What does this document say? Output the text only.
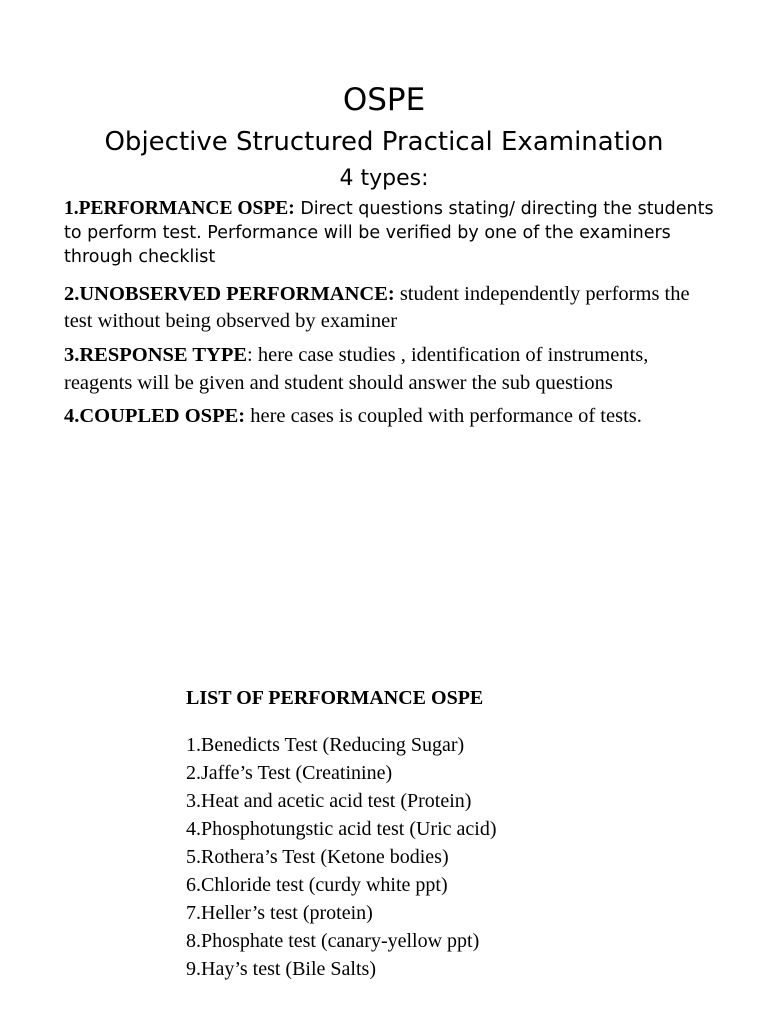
OSPE
Objective Structured Practical Examination
4 types:

1.PERFORMANCE OSPE: Direct questions stating/ directing the students to perform test. Performance will be verified by one of the examiners through checklist

2.UNOBSERVED PERFORMANCE: student independently performs the test without being observed by examiner

3.RESPONSE TYPE: here case studies , identification of instruments, reagents will be given and student should answer the sub questions

4.COUPLED OSPE: here cases is coupled with performance of tests.

LIST OF PERFORMANCE OSPE

1.Benedicts Test (Reducing Sugar)
2.Jaffe’s Test (Creatinine)
3.Heat and acetic acid test (Protein)
4.Phosphotungstic acid test (Uric acid)
5.Rothera’s Test (Ketone bodies)
6.Chloride test (curdy white ppt)
7.Heller’s test (protein)
8.Phosphate test (canary-yellow ppt)
9.Hay’s test (Bile Salts)
